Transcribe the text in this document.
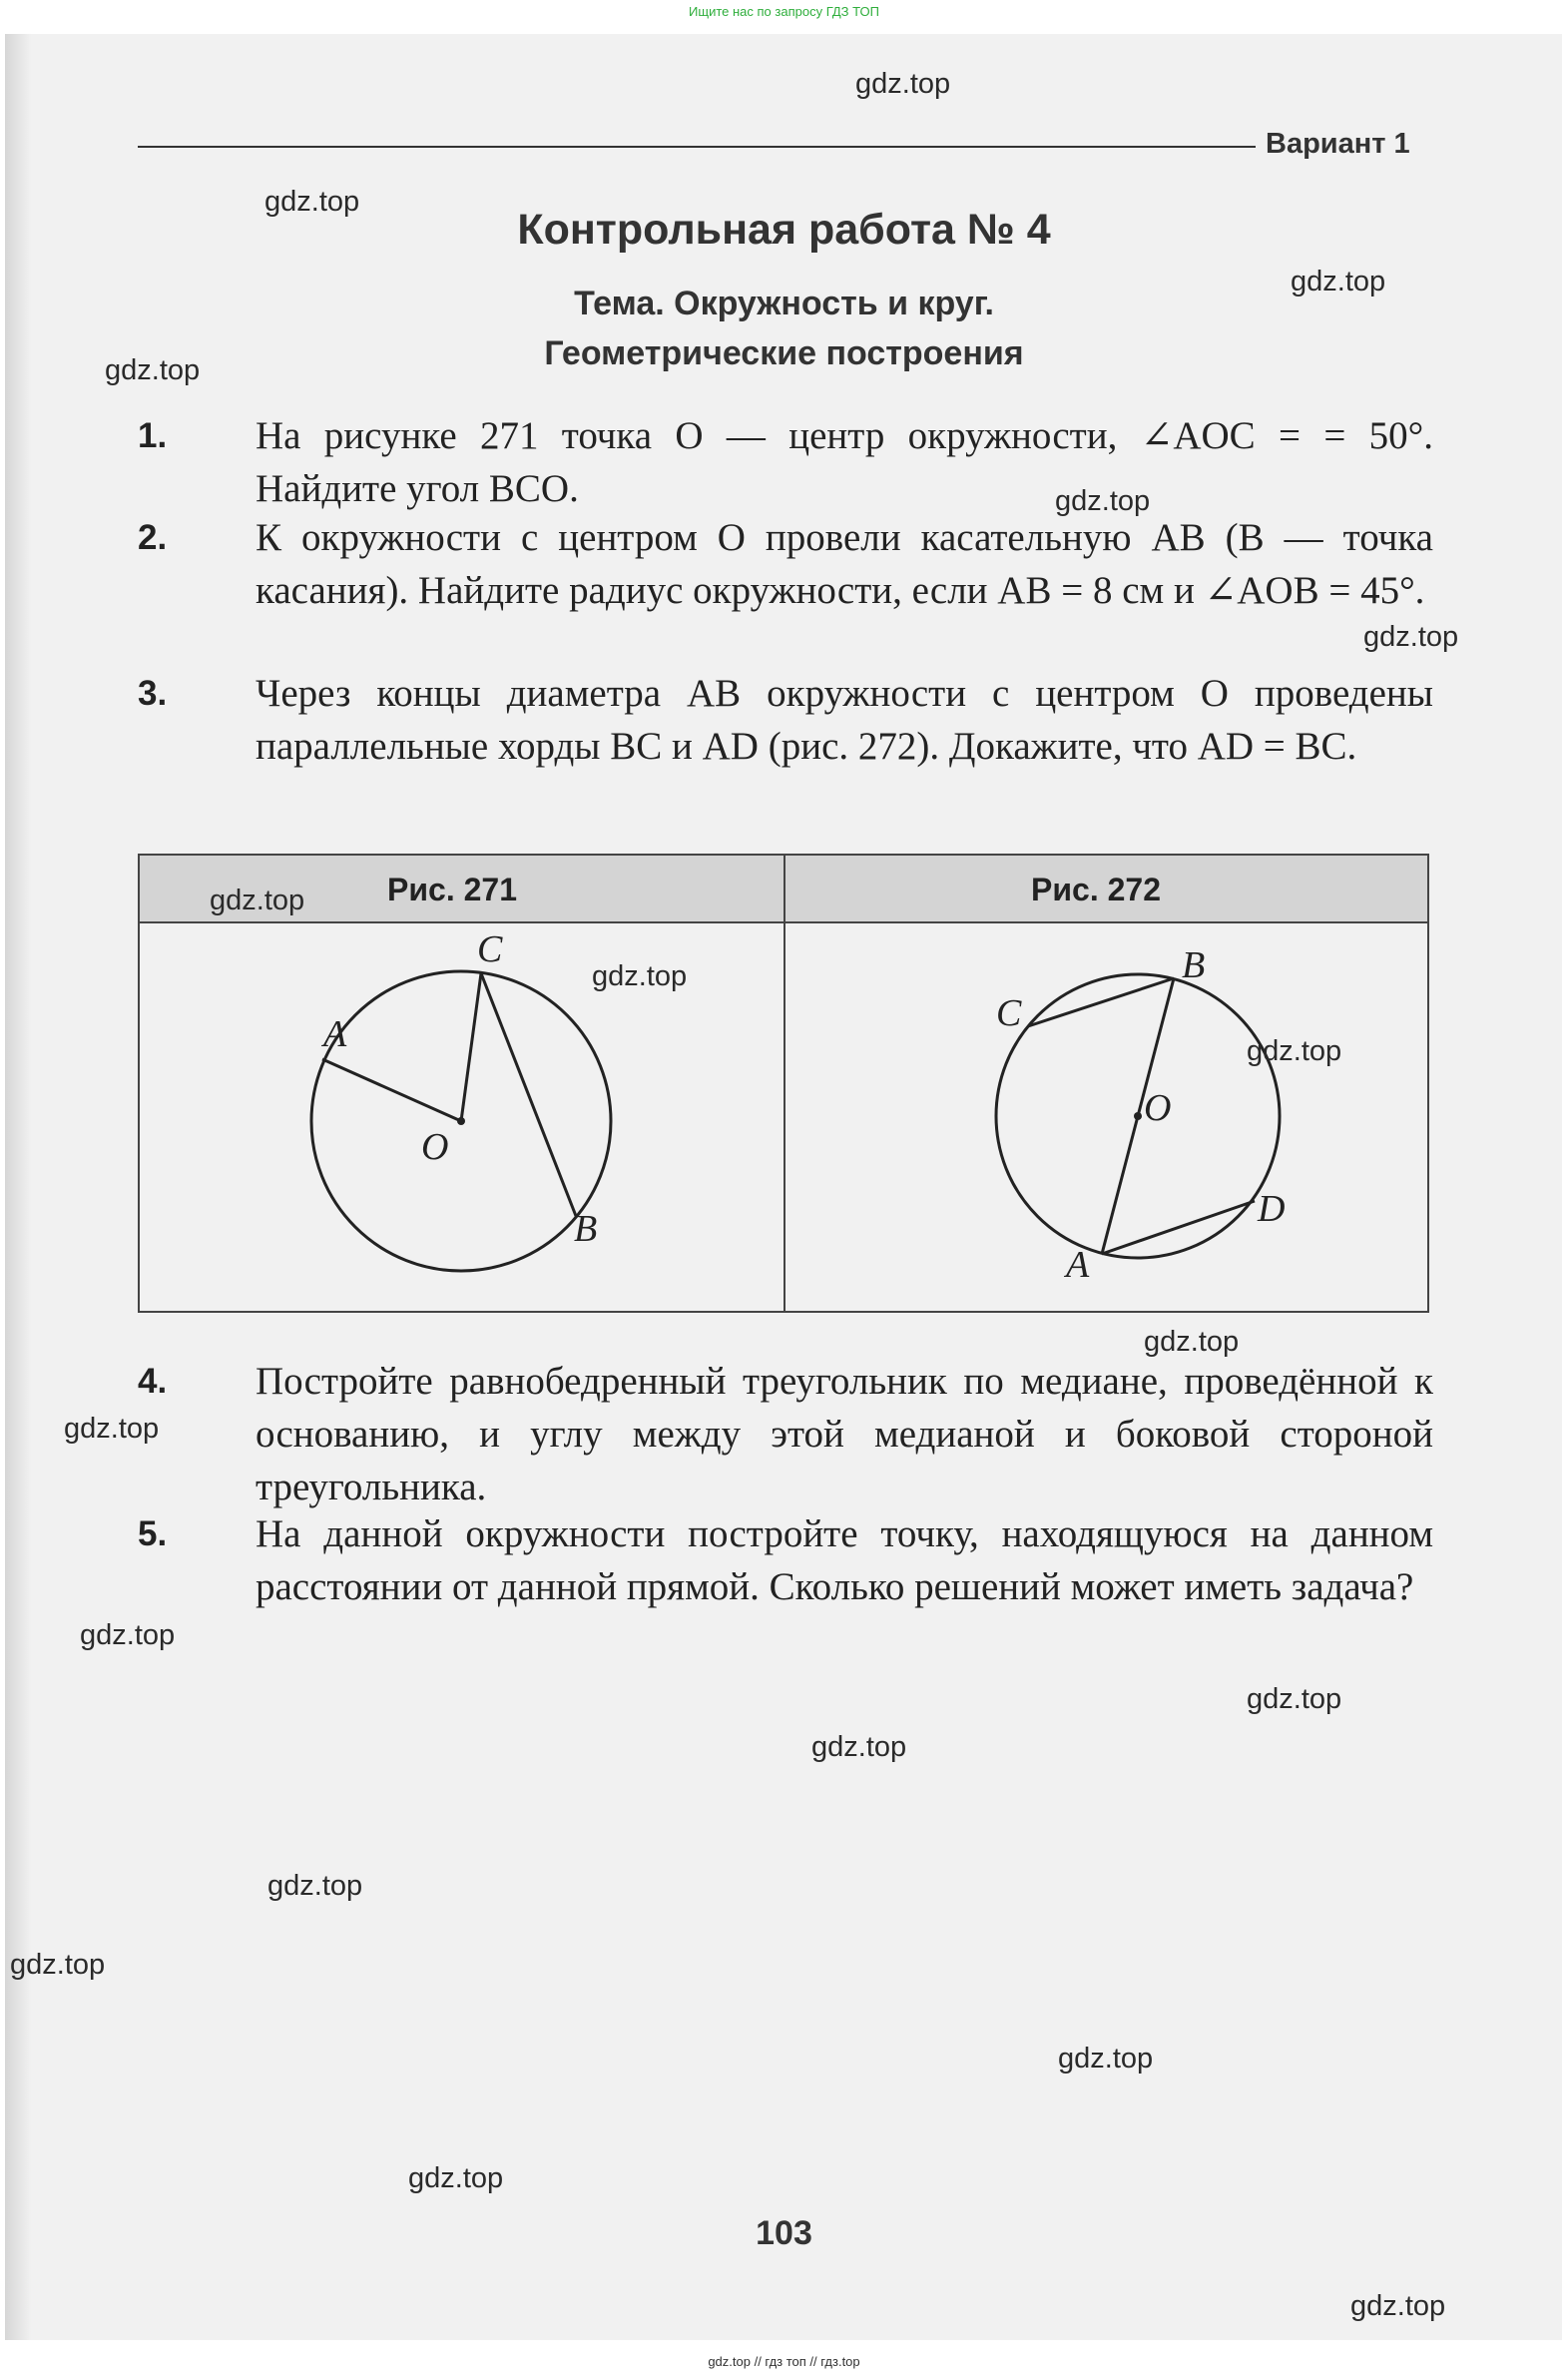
Ищите нас по запросу ГДЗ ТОП
Вариант 1
Контрольная работа № 4
Тема. Окружность и круг.
Геометрические построения
1. На рисунке 271 точка O — центр окружности, ∠AOC = = 50°. Найдите угол BCO.
2. К окружности с центром O провели касательную AB (B — точка касания). Найдите радиус окружности, если AB = 8 см и ∠AOB = 45°.
3. Через концы диаметра AB окружности с центром O проведены параллельные хорды BC и AD (рис. 272). Докажите, что AD = BC.
Рис. 271	Рис. 272
A
C
O
B
C
B
O
D
A
4. Постройте равнобедренный треугольник по медиане, проведённой к основанию, и углу между этой медианой и боковой стороной треугольника.
5. На данной окружности постройте точку, находящуюся на данном расстоянии от данной прямой. Сколько решений может иметь задача?
103
gdz.top
gdz.top
gdz.top
gdz.top
gdz.top
gdz.top
gdz.top
gdz.top
gdz.top
gdz.top
gdz.top
gdz.top
gdz.top
gdz.top
gdz.top
gdz.top
gdz.top
gdz.top
gdz.top
gdz.top // гдз топ // гдз.top
